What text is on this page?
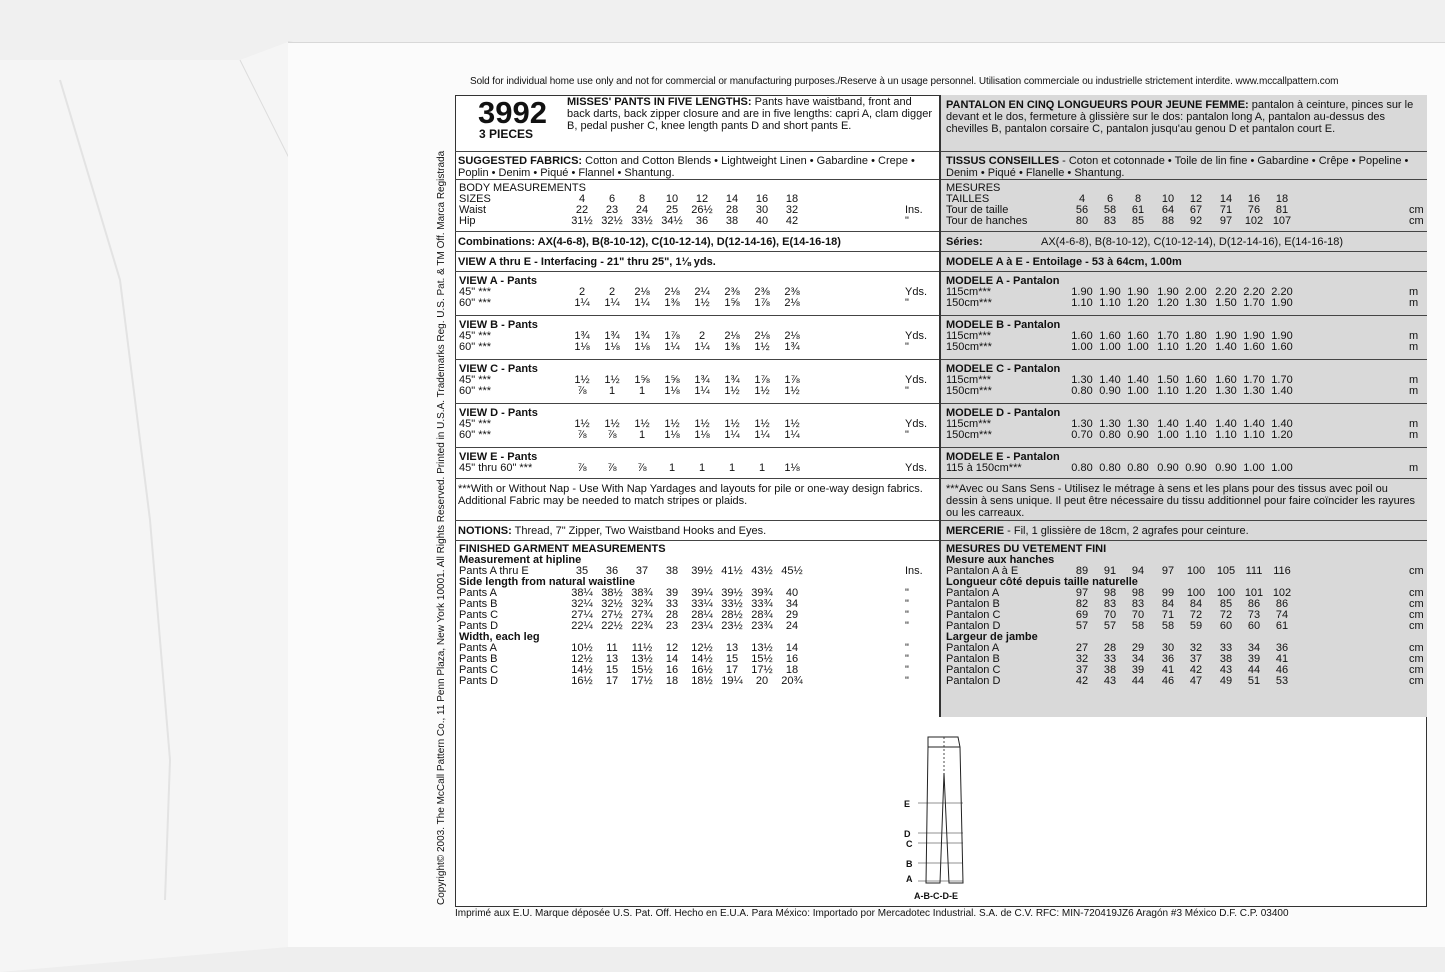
Sold for individual home use only and not for commercial or manufacturing purposes./Reserve à un usage personnel. Utilisation commerciale ou industrielle strictement interdite. www.mccallpattern.com
Copyright© 2003. The McCall Pattern Co., 11 Penn Plaza, New York 10001. All Rights Reserved. Printed in U.S.A. Trademarks Reg. U.S. Pat. & TM Off. Marca Registrada
3992
3 PIECES
MISSES' PANTS IN FIVE LENGTHS: Pants have waistband, front and back darts, back zipper closure and are in five lengths: capri A, clam digger B, pedal pusher C, knee length pants D and short pants E.
SUGGESTED FABRICS: Cotton and Cotton Blends • Lightweight Linen • Gabardine • Crepe • Poplin • Denim • Piqué • Flannel • Shantung.
BODY MEASUREMENTS
SIZES	4	6	8	10	12	14	16	18
Waist	22	23	24	25	26½	28	30	32	Ins.
Hip	31½ 32½ 33½ 34½	36	38	40	42	"
Combinations: AX(4-6-8), B(8-10-12), C(10-12-14), D(12-14-16), E(14-16-18)
VIEW A thru E - Interfacing - 21" thru 25", 1⅛ yds.
VIEW A - Pants
45" ***	2	2	2⅛	2⅛	2¼	2⅜	2⅜	2⅜	Yds.
60" ***	1¼	1¼	1¼	1⅜	1½	1⅝	1⅞	2⅛	"
VIEW B - Pants
45" ***	1¾	1¾	1¾	1⅞	2	2⅛	2⅛	2⅛	Yds.
60" ***	1⅛	1⅛	1⅛	1¼	1¼	1⅜	1½	1¾	"
VIEW C - Pants
45" ***	1½	1½	1⅝	1⅝	1¾	1¾	1⅞	1⅞	Yds.
60" ***	⅞	1	1	1⅛	1¼	1½	1½	1½	"
VIEW D - Pants
45" ***	1½	1½	1½	1½	1½	1½	1½	1½	Yds.
60" ***	⅞	⅞	1	1⅛	1⅛	1¼	1¼	1¼	"
VIEW E - Pants
45" thru 60" ***	⅞	⅞	⅞	1	1	1	1	1⅛	Yds.
***With or Without Nap - Use With Nap Yardages and layouts for pile or one-way design fabrics. Additional Fabric may be needed to match stripes or plaids.
NOTIONS: Thread, 7" Zipper, Two Waistband Hooks and Eyes.
FINISHED GARMENT MEASUREMENTS
Measurement at hipline
Pants A thru E	35	36	37	38	39½ 41½ 43½ 45½	Ins.
Side length from natural waistline
Pants A	38¼ 38½ 38¾	39	39¼ 39½ 39¾	40	"
Pants B	32¼ 32½ 32¾	33	33¼ 33½ 33¾	34	"
Pants C	27¼ 27½ 27¾	28	28¼ 28½ 28¾	29	"
Pants D	22¼ 22½ 22¾	23	23¼ 23½ 23¾	24	"
Width, each leg
Pants A	10½	11	11½	12	12½	13	13½	14	"
Pants B	12½	13	13½	14	14½	15	15½	16	"
Pants C	14½	15	15½	16	16½	17	17½	18	"
Pants D	16½	17	17½	18	18½ 19¼	20	20¾	"
PANTALON EN CINQ LONGUEURS POUR JEUNE FEMME: pantalon à ceinture, pinces sur le devant et le dos, fermeture à glissière sur le dos: pantalon long A, pantalon au-dessus des chevilles B, pantalon corsaire C, pantalon jusqu'au genou D et pantalon court E.
TISSUS CONSEILLES - Coton et cotonnade • Toile de lin fine • Gabardine • Crêpe • Popeline • Denim • Piqué • Flanelle • Shantung.
MESURES
TAILLES	4	6	8	10	12	14	16	18
Tour de taille	56	58	61	64	67	71	76	81	cm
Tour de hanches	80	83	85	88	92	97	102 107	cm
Séries:	AX(4-6-8), B(8-10-12), C(10-12-14), D(12-14-16), E(14-16-18)
MODELE A à E - Entoilage - 53 à 64cm, 1.00m
MODELE A - Pantalon
115cm***	1.90 1.90 1.90 1.90 2.00 2.20 2.20 2.20	m
150cm***	1.10 1.10 1.20 1.20 1.30 1.50 1.70 1.90	m
MODELE B - Pantalon
115cm***	1.60 1.60 1.60 1.70 1.80 1.90 1.90 1.90	m
150cm***	1.00 1.00 1.00 1.10 1.20 1.40 1.60 1.60	m
MODELE C - Pantalon
115cm***	1.30 1.40 1.40 1.50 1.60 1.60 1.70 1.70	m
150cm***	0.80 0.90 1.00 1.10 1.20 1.30 1.30 1.40	m
MODELE D - Pantalon
115cm***	1.30 1.30 1.30 1.40 1.40 1.40 1.40 1.40	m
150cm***	0.70 0.80 0.90 1.00 1.10 1.10 1.10 1.20	m
MODELE E - Pantalon
115 à 150cm***	0.80 0.80 0.80 0.90 0.90 0.90 1.00 1.00	m
***Avec ou Sans Sens - Utilisez le métrage à sens et les plans pour des tissus avec poil ou dessin à sens unique. Il peut être nécessaire du tissu additionnel pour faire coïncider les rayures ou les carreaux.
MERCERIE - Fil, 1 glissière de 18cm, 2 agrafes pour ceinture.
MESURES DU VETEMENT FINI
Mesure aux hanches
Pantalon A à E	89	91	94	97	100	105 111 116	cm
Longueur côté depuis taille naturelle
Pantalon A	97	98	98	99	100	100 101 102	cm
Pantalon B	82	83	83	84	84	85	86	86	cm
Pantalon C	69	70	70	71	72	72	73	74	cm
Pantalon D	57	57	58	58	59	60	60	61	cm
Largeur de jambe
Pantalon A	27	28	29	30	32	33	34	36	cm
Pantalon B	32	33	34	36	37	38	39	41	cm
Pantalon C	37	38	39	41	42	43	44	46	cm
Pantalon D	42	43	44	46	47	49	51	53	cm
E
D
C
B
A
A-B-C-D-E
Imprimé aux E.U. Marque déposée U.S. Pat. Off. Hecho en E.U.A. Para México: Importado por Mercadotec Industrial. S.A. de C.V. RFC: MIN-720419JZ6 Aragón #3 México D.F. C.P. 03400
